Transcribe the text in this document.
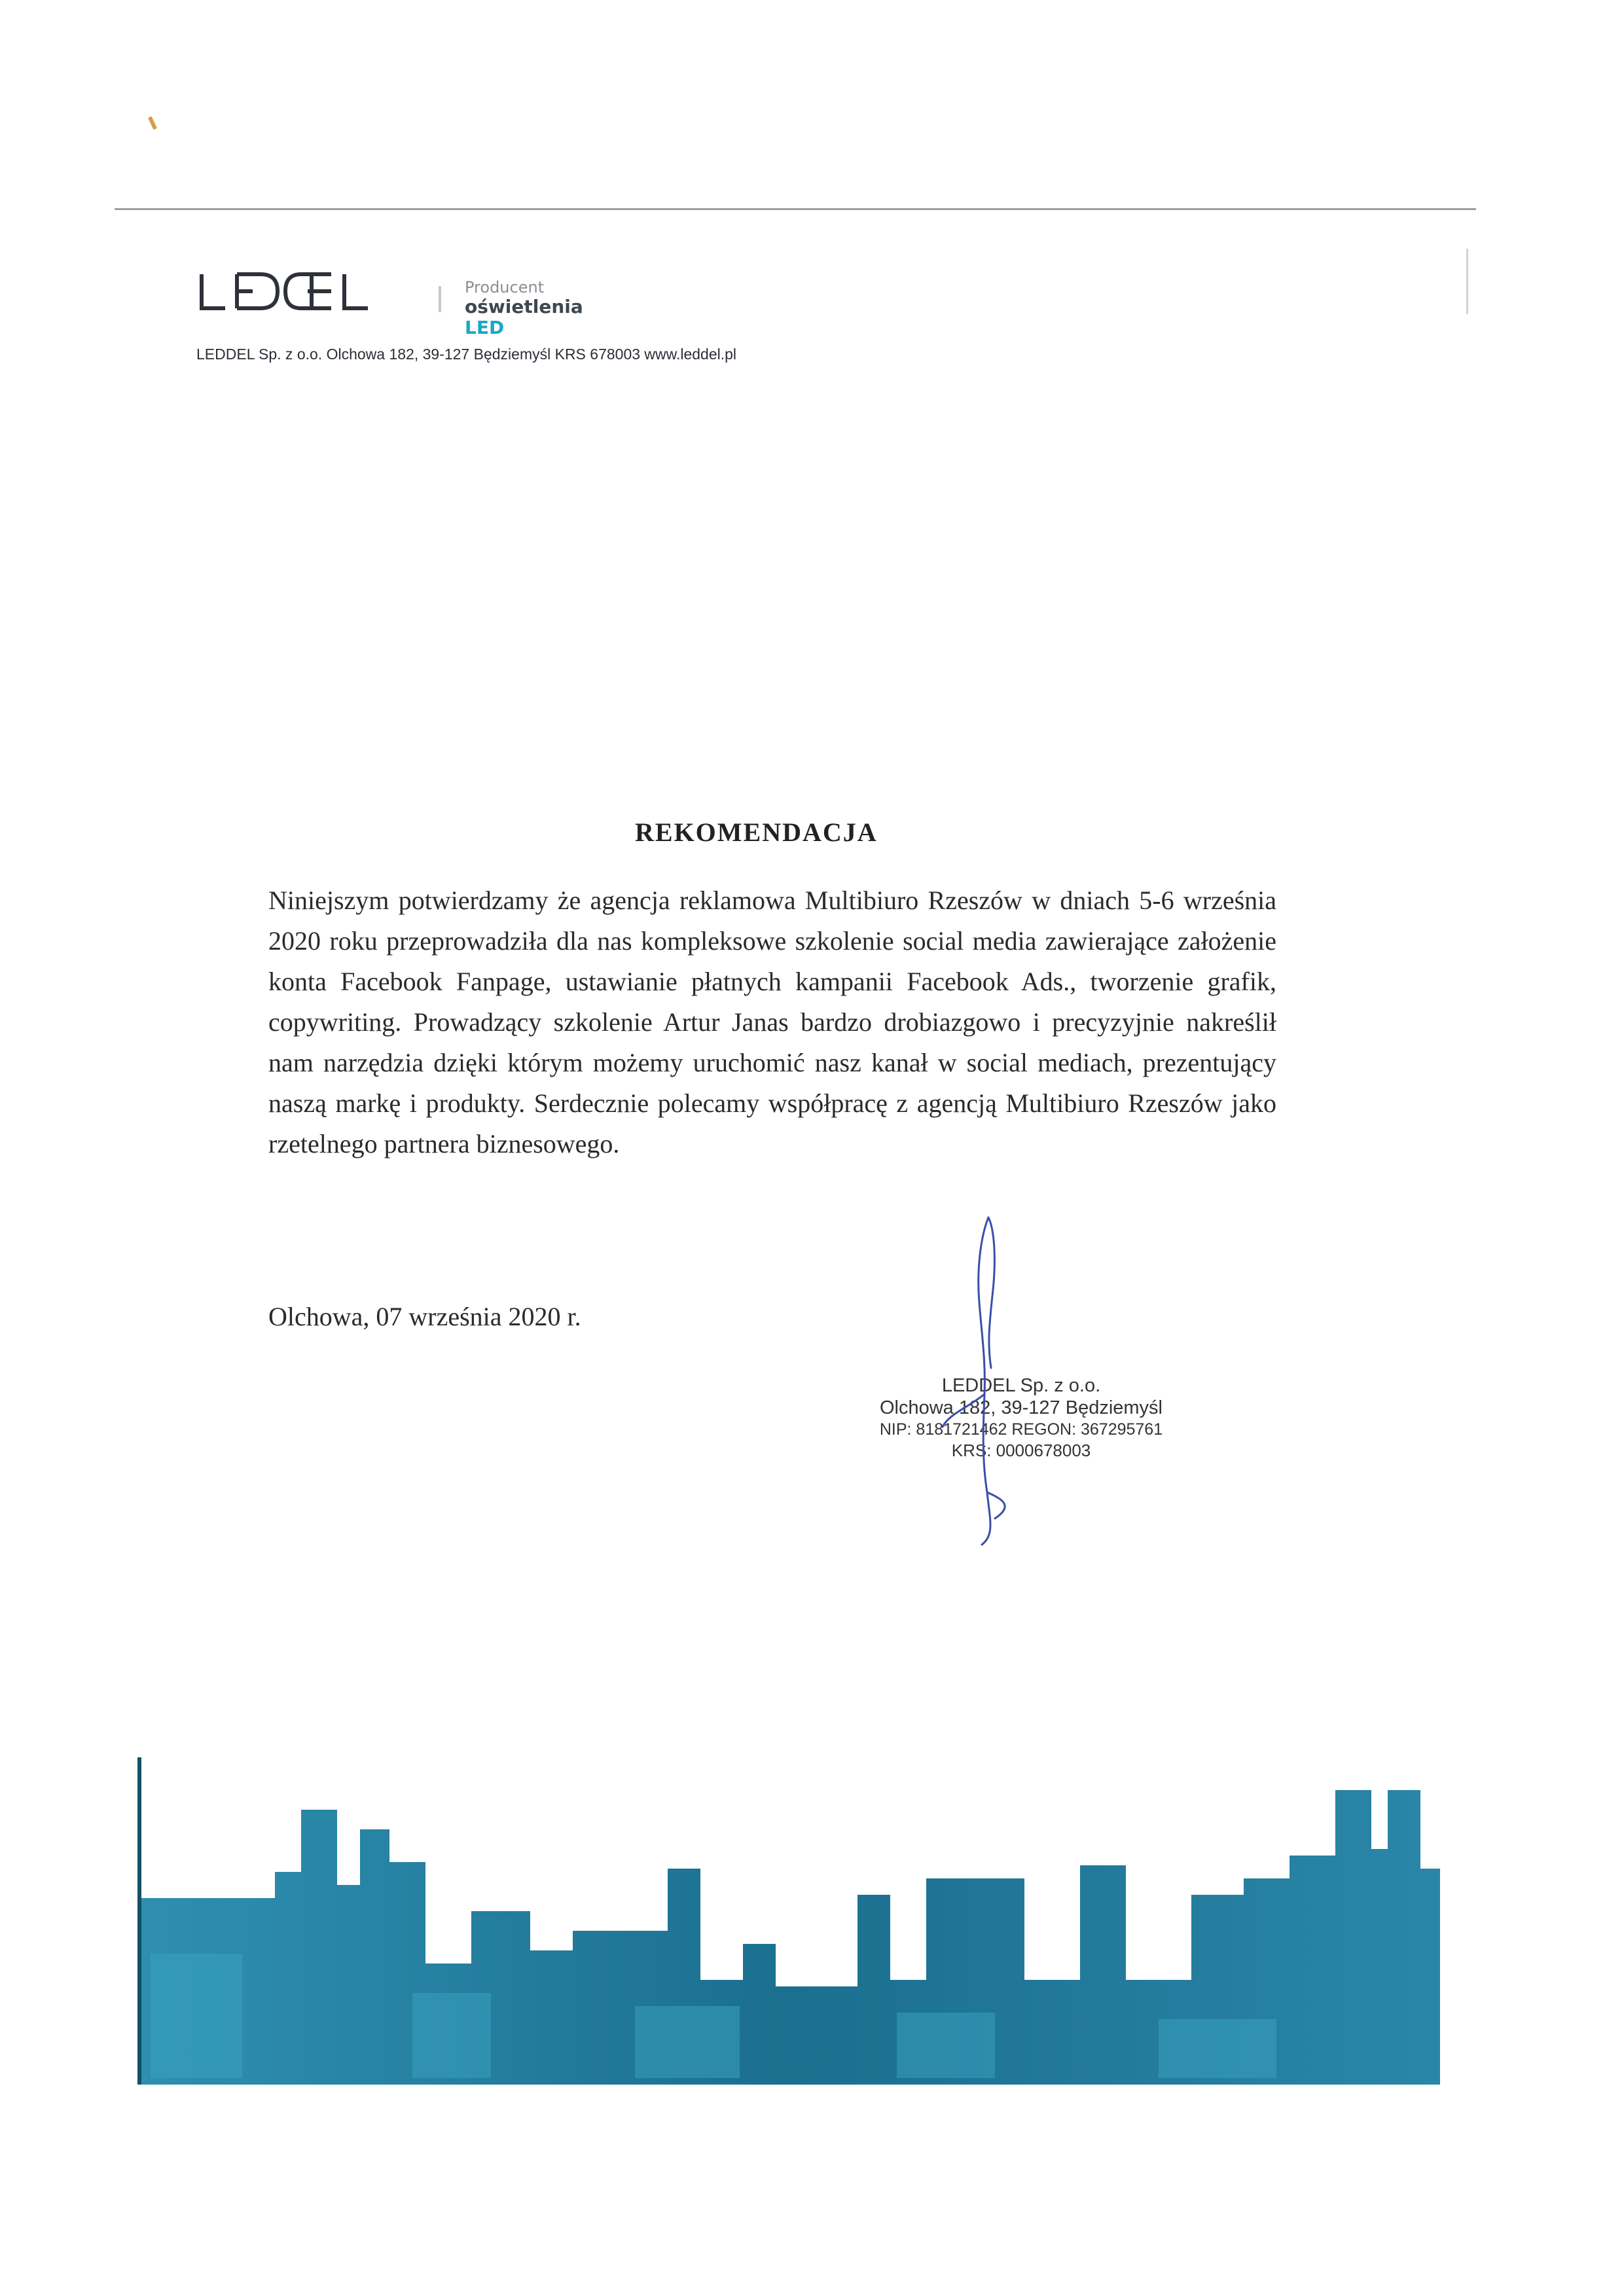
Producent
oświetlenia LED
LEDDEL Sp. z o.o. Olchowa 182, 39-127 Będziemyśl KRS 678003 www.leddel.pl
REKOMENDACJA
Niniejszym potwierdzamy że agencja reklamowa Multibiuro Rzeszów w dniach 5-6 września 2020 roku przeprowadziła dla nas kompleksowe szkolenie social media zawierające założenie konta Facebook Fanpage, ustawianie płatnych kampanii Facebook Ads., tworzenie grafik, copywriting. Prowadzący szkolenie Artur Janas bardzo drobiazgowo i precyzyjnie nakreślił nam narzędzia dzięki którym możemy uruchomić nasz kanał w social mediach, prezentujący naszą markę i produkty. Serdecznie polecamy współpracę z agencją Multibiuro Rzeszów jako rzetelnego partnera biznesowego.
Olchowa, 07 września 2020 r.
LEDDEL Sp. z o.o.
Olchowa 182, 39-127 Będziemyśl
NIP: 8181721462 REGON: 367295761
KRS: 0000678003
